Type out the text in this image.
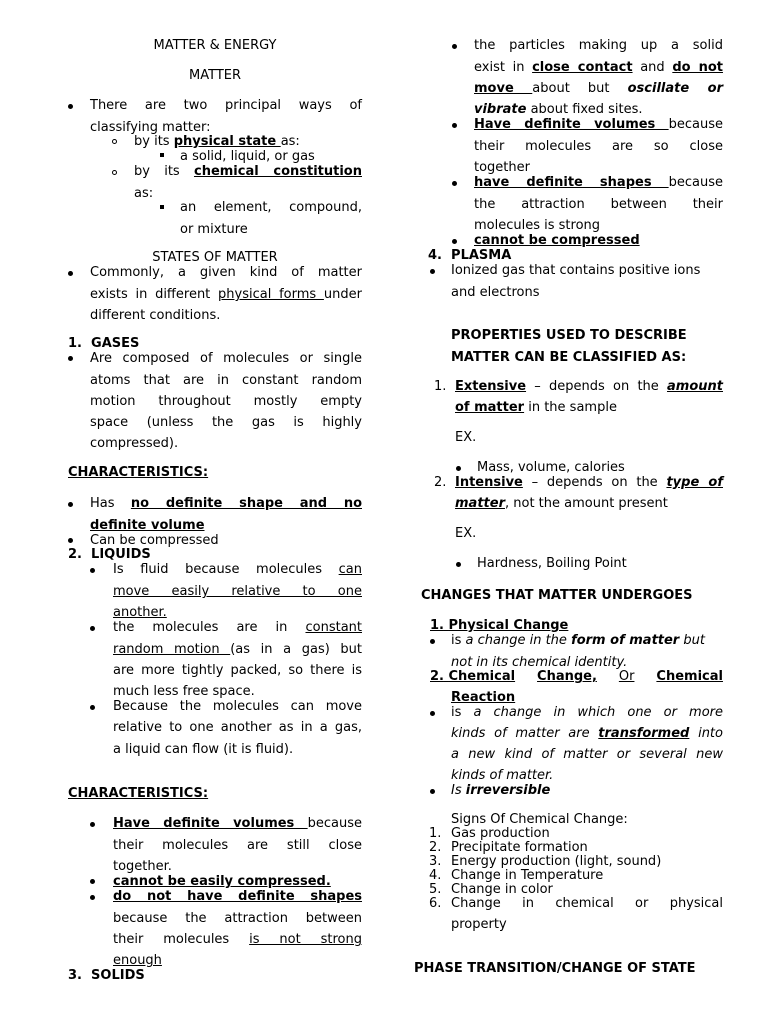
MATTER & ENERGY
MATTER
There are two principal ways of
classifying matter:
by its physical state as:
a solid, liquid, or gas
by its chemical constitution
as:
an element, compound,
or mixture
STATES OF MATTER
Commonly, a given kind of matter
exists in different physical forms under
different conditions.
1. GASES
Are composed of molecules or single
atoms that are in constant random
motion throughout mostly empty
space (unless the gas is highly
compressed).
CHARACTERISTICS:
Has no definite shape and no
definite volume
Can be compressed
2. LIQUIDS
Is fluid because molecules can
move easily relative to one
another.
the molecules are in constant
random motion (as in a gas) but
are more tightly packed, so there is
much less free space.
Because the molecules can move
relative to one another as in a gas,
a liquid can flow (it is fluid).
CHARACTERISTICS:
Have definite volumes because
their molecules are still close
together.
cannot be easily compressed.
do not have definite shapes
because the attraction between
their molecules is not strong
enough
3. SOLIDS
the particles making up a solid
exist in close contact and do not
move about but oscillate or
vibrate about fixed sites.
Have definite volumes because
their molecules are so close
together
have definite shapes because
the attraction between their
molecules is strong
cannot be compressed
4. PLASMA
Ionized gas that contains positive ions
and electrons
PROPERTIES USED TO DESCRIBE
MATTER CAN BE CLASSIFIED AS:
1. Extensive – depends on the amount
of matter in the sample
EX.
Mass, volume, calories
2. Intensive – depends on the type of
matter, not the amount present
EX.
Hardness, Boiling Point
CHANGES THAT MATTER UNDERGOES
1. Physical Change
is a change in the form of matter but
not in its chemical identity.
2. Chemical Change, Or Chemical
Reaction
is a change in which one or more
kinds of matter are transformed into
a new kind of matter or several new
kinds of matter.
Is irreversible
Signs Of Chemical Change:
1. Gas production
2. Precipitate formation
3. Energy production (light, sound)
4. Change in Temperature
5. Change in color
6. Change in chemical or physical
property
PHASE TRANSITION/CHANGE OF STATE
